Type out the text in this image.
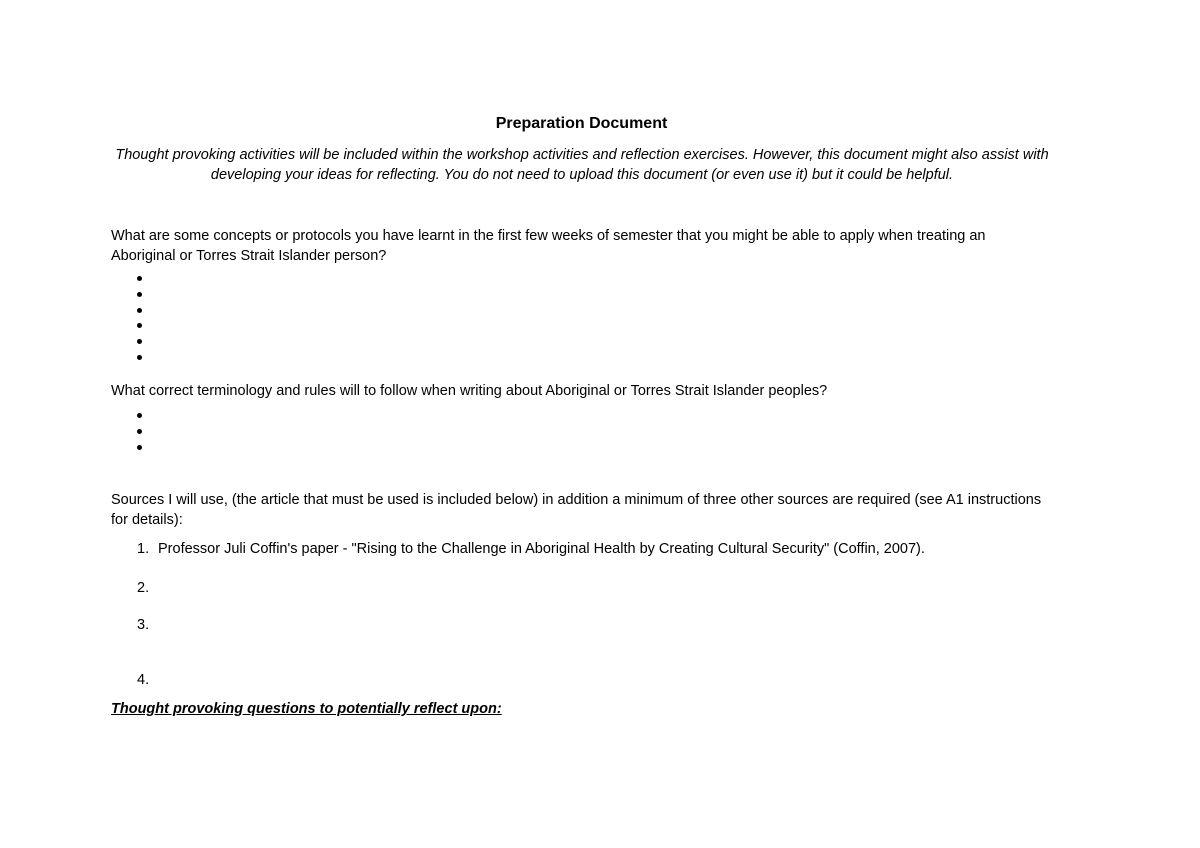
Preparation Document
Thought provoking activities will be included within the workshop activities and reflection exercises. However, this document might also assist with developing your ideas for reflecting. You do not need to upload this document (or even use it) but it could be helpful.
What are some concepts or protocols you have learnt in the first few weeks of semester that you might be able to apply when treating an Aboriginal or Torres Strait Islander person?
What correct terminology and rules will to follow when writing about Aboriginal or Torres Strait Islander peoples?
Sources I will use, (the article that must be used is included below) in addition a minimum of three other sources are required (see A1 instructions for details):
1. Professor Juli Coffin's paper - "Rising to the Challenge in Aboriginal Health by Creating Cultural Security" (Coffin, 2007).
2.
3.
4.
Thought provoking questions to potentially reflect upon:
